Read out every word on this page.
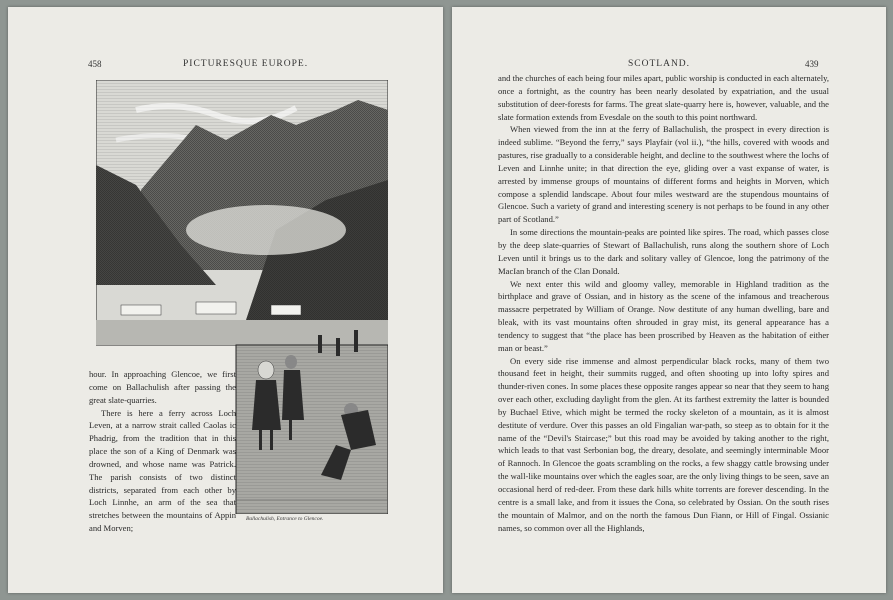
458	PICTURESQUE EUROPE.

hour. In approaching Glencoe, we first come on Ballachulish after passing the great slate-quarries.

There is here a ferry across Loch Leven, at a narrow strait called Caolas ic Phadrig, from the tradition that in this place the son of a King of Denmark was drowned, and whose name was Patrick. The parish consists of two distinct districts, separated from each other by Loch Linnhe, an arm of the sea that stretches between the mountains of Appin and Morven;

Ballachulish, Entrance to Glencoe.
SCOTLAND.	439

and the churches of each being four miles apart, public worship is conducted in each alternately, once a fortnight, as the country has been nearly desolated by expatriation, and the usual substitution of deer-forests for farms. The great slate-quarry here is, however, valuable, and the slate formation extends from Evesdale on the south to this point northward.

When viewed from the inn at the ferry of Ballachulish, the prospect in every direction is indeed sublime. “Beyond the ferry,” says Playfair (vol ii.), “the hills, covered with woods and pastures, rise gradually to a considerable height, and decline to the southwest where the lochs of Leven and Linnhe unite; in that direction the eye, gliding over a vast expanse of water, is arrested by immense groups of mountains of different forms and heights in Morven, which compose a splendid landscape. About four miles westward are the stupendous mountains of Glencoe. Such a variety of grand and interesting scenery is not perhaps to be found in any other part of Scotland.”

In some directions the mountain-peaks are pointed like spires. The road, which passes close by the deep slate-quarries of Stewart of Ballachulish, runs along the southern shore of Loch Leven until it brings us to the dark and solitary valley of Glencoe, long the patrimony of the MacIan branch of the Clan Donald.

We next enter this wild and gloomy valley, memorable in Highland tradition as the birthplace and grave of Ossian, and in history as the scene of the infamous and treacherous massacre perpetrated by William of Orange. Now destitute of any human dwelling, bare and bleak, with its vast mountains often shrouded in gray mist, its general appearance has a tendency to suggest that “the place has been proscribed by Heaven as the habitation of either man or beast.”

On every side rise immense and almost perpendicular black rocks, many of them two thousand feet in height, their summits rugged, and often shooting up into lofty spires and thunder-riven cones. In some places these opposite ranges appear so near that they seem to hang over each other, excluding daylight from the glen. At its farthest extremity the latter is bounded by Buchael Etive, which might be termed the rocky skeleton of a mountain, as it is almost destitute of verdure. Over this passes an old Fingalian war-path, so steep as to obtain for it the name of the “Devil's Staircase;” but this road may be avoided by taking another to the right, which leads to that vast Serbonian bog, the dreary, desolate, and seemingly interminable Moor of Rannoch. In Glencoe the goats scrambling on the rocks, a few shaggy cattle browsing under the wall-like mountains over which the eagles soar, are the only living things to be seen, save an occasional herd of red-deer. From these dark hills white torrents are forever descending. In the centre is a small lake, and from it issues the Cona, so celebrated by Ossian. On the south rises the mountain of Malmor, and on the north the famous Dun Fiann, or Hill of Fingal. Ossianic names, so common over all the Highlands,
